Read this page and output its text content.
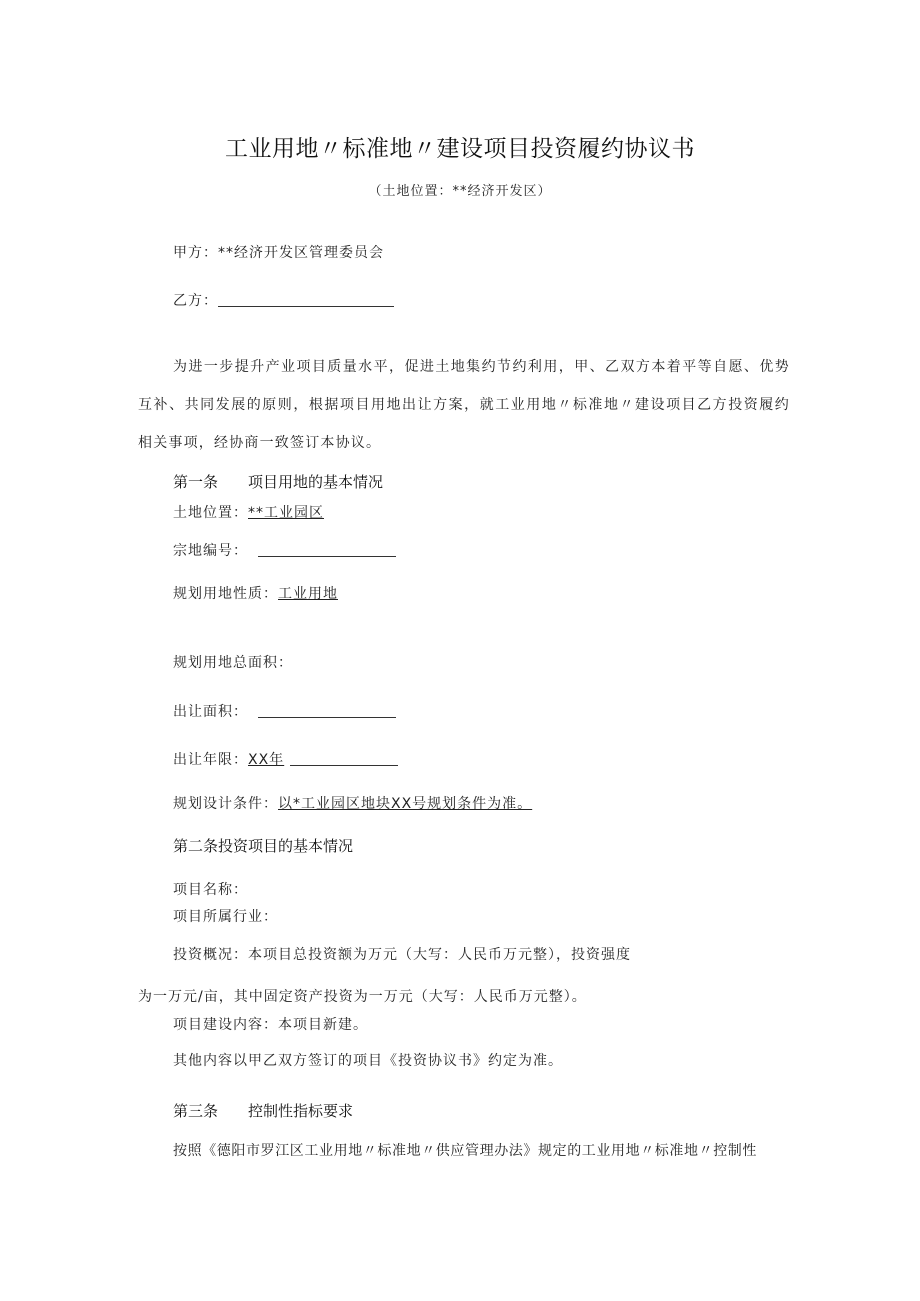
工业用地〃标准地〃建设项目投资履约协议书
（土地位置：**经济开发区）
甲方：**经济开发区管理委员会
乙方：
为进一步提升产业项目质量水平，促进土地集约节约利用，甲、乙双方本着平等自愿、优势互补、共同发展的原则，根据项目用地出让方案，就工业用地〃标准地〃建设项目乙方投资履约相关事项，经协商一致签订本协议。
第一条　　项目用地的基本情况
土地位置：**工业园区
宗地编号：
规划用地性质：工业用地
规划用地总面积：
出让面积：
出让年限：XX年
规划设计条件：以*工业园区地块XX号规划条件为准。
第二条投资项目的基本情况
项目名称：
项目所属行业：
投资概况：本项目总投资额为万元（大写：人民币万元整），投资强度
为一万元/亩，其中固定资产投资为一万元（大写：人民币万元整）。
项目建设内容：本项目新建。
其他内容以甲乙双方签订的项目《投资协议书》约定为准。
第三条　　控制性指标要求
按照《德阳市罗江区工业用地〃标准地〃供应管理办法》规定的工业用地〃标准地〃控制性
